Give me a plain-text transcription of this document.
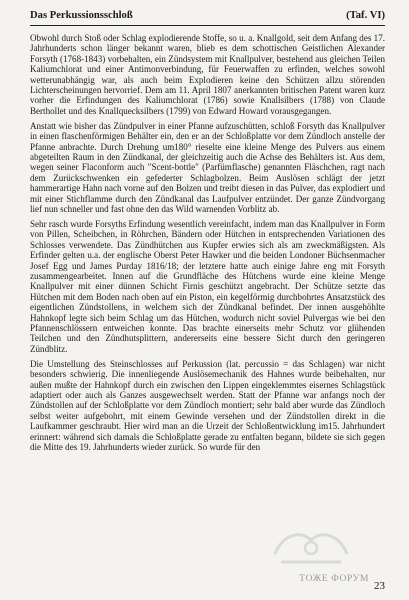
Das Perkussionsschloß	(Taf. VI)

Obwohl durch Stoß oder Schlag explodierende Stoffe, so u. a. Knallgold, seit dem Anfang des 17. Jahrhunderts schon länger bekannt waren, blieb es dem schottischen Geistlichen Alexander Forsyth (1768-1843) vorbehalten, ein Zündsystem mit Knallpulver, bestehend aus gleichen Teilen Kaliumchlorat und einer Antimonverbindung, für Feuerwaffen zu erfinden, welches sowohl wetterunabhängig war, als auch beim Explodieren keine den Schützen allzu störenden Lichterscheinungen hervorrief. Dem am 11. April 1807 anerkannten britischen Patent waren kurz vorher die Erfindungen des Kaliumchlorat (1786) sowie Knallsilbers (1788) von Claude Berthollet und des Knallquecksilbers (1799) von Edward Howard vorausgegangen.

Anstatt wie bisher das Zündpulver in einer Pfanne aufzuschütten, schloß Forsyth das Knallpulver in einen flaschenförmigen Behälter ein, den er an der Schloßplatte vor dem Zündloch anstelle der Pfanne anbrachte. Durch Drehung um180° rieselte eine kleine Menge des Pulvers aus einem abgeteilten Raum in den Zündkanal, der gleichzeitig auch die Achse des Behälters ist. Aus dem, wegen seiner Flaconform auch "Scent-bottle" (Parfümflasche) genannten Fläschchen, ragt nach dem Zurückschwenken ein gefederter Schlagbolzen. Beim Auslösen schlägt der jetzt hammerartige Hahn nach vorne auf den Bolzen und treibt diesen in das Pulver, das explodiert und mit einer Stichflamme durch den Zündkanal das Laufpulver entzündet. Der ganze Zündvorgang lief nun schneller und fast ohne den das Wild warnenden Vorblitz ab.

Sehr rasch wurde Forsyths Erfindung wesentlich vereinfacht, indem man das Knallpulver in Form von Pillen, Scheibchen, in Röhrchen, Bändern oder Hütchen in entsprechenden Variationen des Schlosses verwendete. Das Zündhütchen aus Kupfer erwies sich als am zweckmäßigsten. Als Erfinder gelten u.a. der englische Oberst Peter Hawker und die beiden Londoner Büchsenmacher Josef Egg und James Purday 1816/18; der letztere hatte auch einige Jahre eng mit Forsyth zusammengearbeitet. Innen auf die Grundfläche des Hütchens wurde eine kleine Menge Knallpulver mit einer dünnen Schicht Firnis geschützt angebracht. Der Schütze setzte das Hütchen mit dem Boden nach oben auf ein Piston, ein kegelförmig durchbohrtes Ansatzstück des eigentlichen Zündstollens, in welchem sich der Zündkanal befindet. Der innen ausgehöhlte Hahnkopf legte sich beim Schlag um das Hütchen, wodurch nicht soviel Pulvergas wie bei den Pfannenschlössern entweichen konnte. Das brachte einerseits mehr Schutz vor glühenden Teilchen und den Zündhutsplittern, andererseits eine bessere Sicht durch den geringeren Zündblitz.

Die Umstellung des Steinschlosses auf Perkussion (lat. percussio = das Schlagen) war nicht besonders schwierig. Die innenliegende Auslösemechanik des Hahnes wurde beibehalten, nur außen mußte der Hahnkopf durch ein zwischen den Lippen eingeklemmtes eisernes Schlagstück adaptiert oder auch als Ganzes ausgewechselt werden. Statt der Pfanne war anfangs noch der Zündstollen auf der Schloßplatte vor dem Zündloch montiert; sehr bald aber wurde das Zündloch selbst weiter aufgebohrt, mit einem Gewinde versehen und der Zündstollen direkt in die Laufkammer geschraubt. Hier wird man an die Urzeit der Schloßentwicklung im15. Jahrhundert erinnert: während sich damals die Schloßplatte gerade zu entfalten begann, bildete sie sich gegen die Mitte des 19. Jahrhunderts wieder zurück. So wurde für den

ТОЖЕ ФОРУМ
23
